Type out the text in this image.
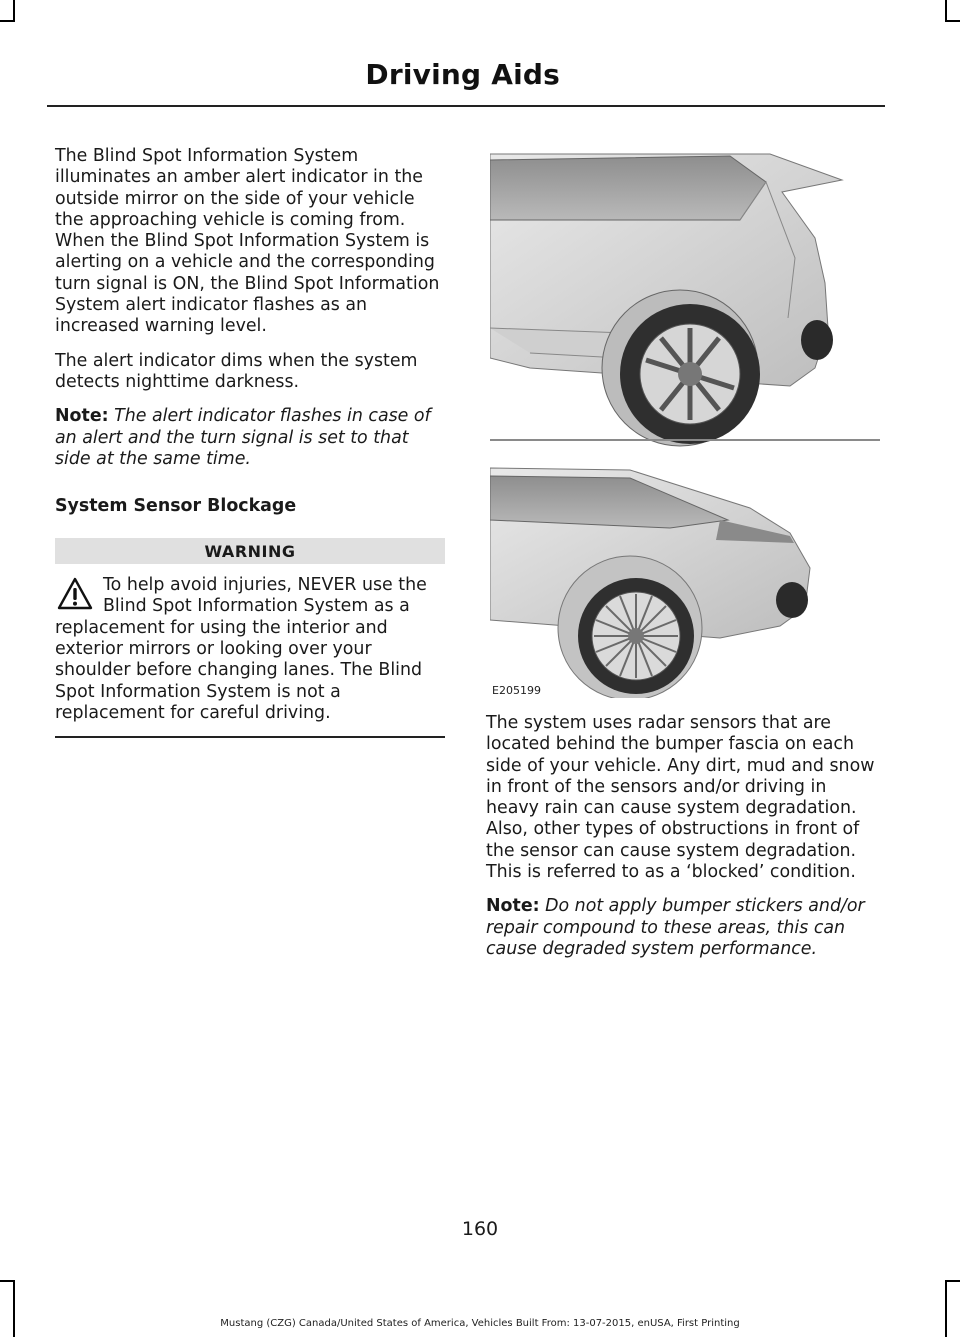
Driving Aids

The Blind Spot Information System illuminates an amber alert indicator in the outside mirror on the side of your vehicle the approaching vehicle is coming from. When the Blind Spot Information System is alerting on a vehicle and the corresponding turn signal is ON, the Blind Spot Information System alert indicator flashes as an increased warning level.

The alert indicator dims when the system detects nighttime darkness.

Note: The alert indicator flashes in case of an alert and the turn signal is set to that side at the same time.

System Sensor Blockage
WARNING
To help avoid injuries, NEVER use the Blind Spot Information System as a replacement for using the interior and exterior mirrors or looking over your shoulder before changing lanes. The Blind Spot Information System is not a replacement for careful driving.
E205199

The system uses radar sensors that are located behind the bumper fascia on each side of your vehicle. Any dirt, mud and snow in front of the sensors and/or driving in heavy rain can cause system degradation. Also, other types of obstructions in front of the sensor can cause system degradation. This is referred to as a ‘blocked’ condition.

Note: Do not apply bumper stickers and/or repair compound to these areas, this can cause degraded system performance.

160
Mustang (CZG) Canada/United States of America, Vehicles Built From: 13-07-2015, enUSA, First Printing
